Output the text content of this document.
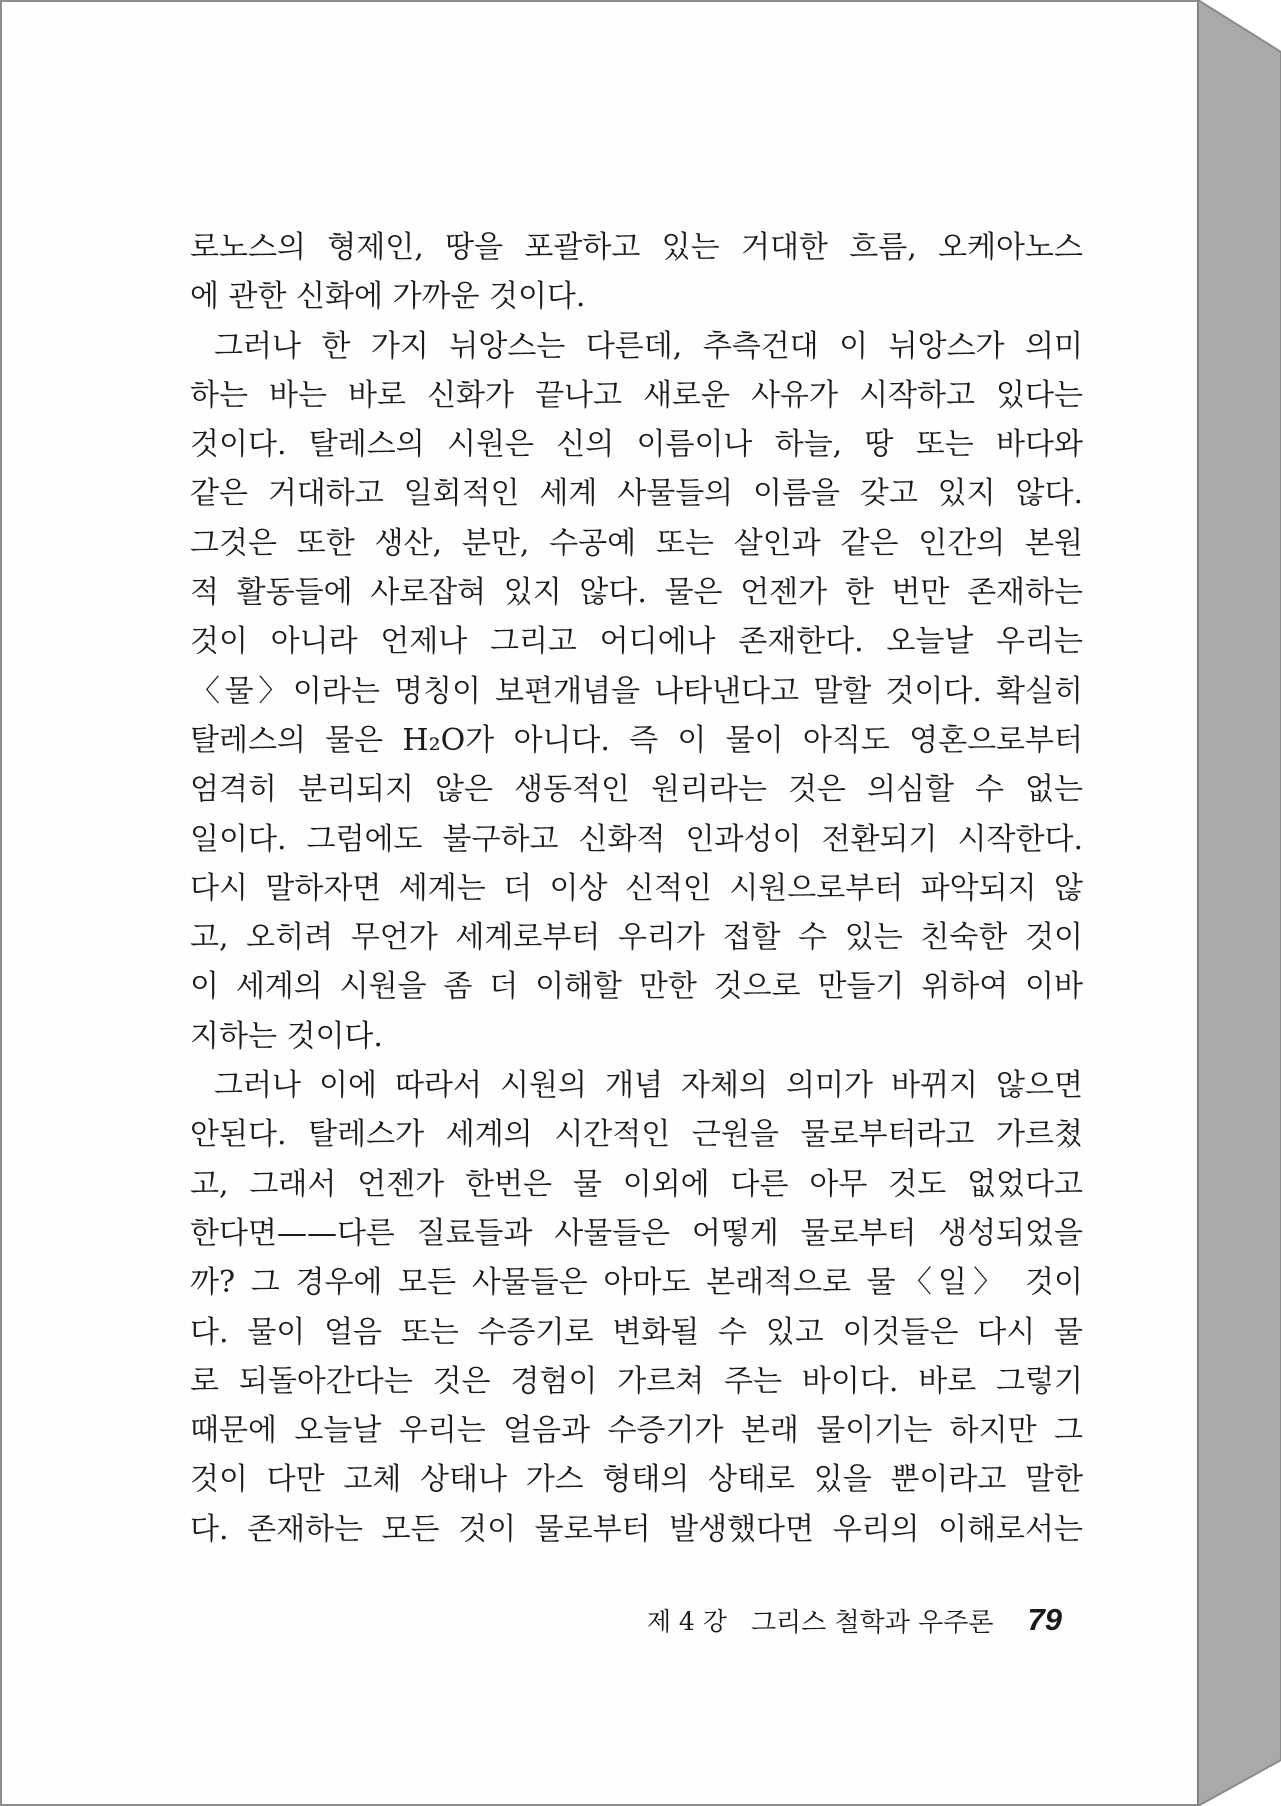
로노스의 형제인, 땅을 포괄하고 있는 거대한 흐름, 오케아노스
에 관한 신화에 가까운 것이다.
그러나 한 가지 뉘앙스는 다른데, 추측건대 이 뉘앙스가 의미
하는 바는 바로 신화가 끝나고 새로운 사유가 시작하고 있다는
것이다. 탈레스의 시원은 신의 이름이나 하늘, 땅 또는 바다와
같은 거대하고 일회적인 세계 사물들의 이름을 갖고 있지 않다.
그것은 또한 생산, 분만, 수공예 또는 살인과 같은 인간의 본원
적 활동들에 사로잡혀 있지 않다. 물은 언젠가 한 번만 존재하는
것이 아니라 언제나 그리고 어디에나 존재한다. 오늘날 우리는
〈물〉이라는 명칭이 보편개념을 나타낸다고 말할 것이다. 확실히
탈레스의 물은 H₂O가 아니다. 즉 이 물이 아직도 영혼으로부터
엄격히 분리되지 않은 생동적인 원리라는 것은 의심할 수 없는
일이다. 그럼에도 불구하고 신화적 인과성이 전환되기 시작한다.
다시 말하자면 세계는 더 이상 신적인 시원으로부터 파악되지 않
고, 오히려 무언가 세계로부터 우리가 접할 수 있는 친숙한 것이
이 세계의 시원을 좀 더 이해할 만한 것으로 만들기 위하여 이바
지하는 것이다.
그러나 이에 따라서 시원의 개념 자체의 의미가 바뀌지 않으면
안된다. 탈레스가 세계의 시간적인 근원을 물로부터라고 가르쳤
고, 그래서 언젠가 한번은 물 이외에 다른 아무 것도 없었다고
한다면——다른 질료들과 사물들은 어떻게 물로부터 생성되었을
까? 그 경우에 모든 사물들은 아마도 본래적으로 물〈일〉 것이
다. 물이 얼음 또는 수증기로 변화될 수 있고 이것들은 다시 물
로 되돌아간다는 것은 경험이 가르쳐 주는 바이다. 바로 그렇기
때문에 오늘날 우리는 얼음과 수증기가 본래 물이기는 하지만 그
것이 다만 고체 상태나 가스 형태의 상태로 있을 뿐이라고 말한
다. 존재하는 모든 것이 물로부터 발생했다면 우리의 이해로서는
제 4 강 그리스 철학과 우주론 79
